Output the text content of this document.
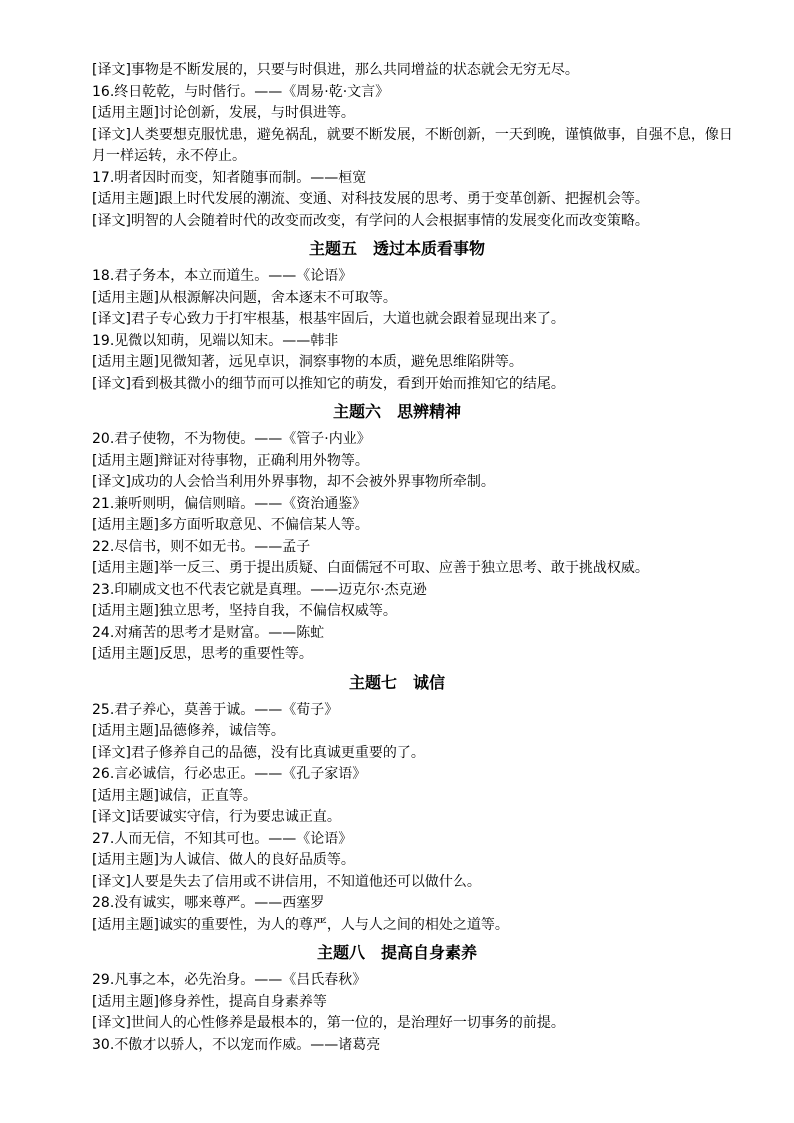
[译文]事物是不断发展的，只要与时俱进，那么共同增益的状态就会无穷无尽。

16.终日乾乾，与时偕行。——《周易·乾·文言》

[适用主题]讨论创新，发展，与时俱进等。

[译文]人类要想克服忧患，避免祸乱，就要不断发展，不断创新，一天到晚，谨慎做事，自强不息，像日月一样运转，永不停止。

17.明者因时而变，知者随事而制。——桓宽

[适用主题]跟上时代发展的潮流、变通、对科技发展的思考、勇于变革创新、把握机会等。

[译文]明智的人会随着时代的改变而改变，有学问的人会根据事情的发展变化而改变策略。

主题五　透过本质看事物

18.君子务本，本立而道生。——《论语》

[适用主题]从根源解决问题，舍本逐末不可取等。

[译文]君子专心致力于打牢根基，根基牢固后，大道也就会跟着显现出来了。

19.见微以知萌，见端以知末。——韩非

[适用主题]见微知著，远见卓识，洞察事物的本质，避免思维陷阱等。

[译文]看到极其微小的细节而可以推知它的萌发，看到开始而推知它的结尾。

主题六　思辨精神

20.君子使物，不为物使。——《管子·内业》

[适用主题]辩证对待事物，正确利用外物等。

[译文]成功的人会恰当利用外界事物，却不会被外界事物所牵制。

21.兼听则明，偏信则暗。——《资治通鉴》

[适用主题]多方面听取意见、不偏信某人等。

22.尽信书，则不如无书。——孟子

[适用主题]举一反三、勇于提出质疑、白面儒冠不可取、应善于独立思考、敢于挑战权威。

23.印刷成文也不代表它就是真理。——迈克尔·杰克逊

[适用主题]独立思考，坚持自我，不偏信权威等。

24.对痛苦的思考才是财富。——陈虻

[适用主题]反思，思考的重要性等。

主题七　诚信

25.君子养心，莫善于诚。——《荀子》

[适用主题]品德修养，诚信等。

[译文]君子修养自己的品德，没有比真诚更重要的了。

26.言必诚信，行必忠正。——《孔子家语》

[适用主题]诚信，正直等。

[译文]话要诚实守信，行为要忠诚正直。

27.人而无信，不知其可也。——《论语》

[适用主题]为人诚信、做人的良好品质等。

[译文]人要是失去了信用或不讲信用，不知道他还可以做什么。

28.没有诚实，哪来尊严。——西塞罗

[适用主题]诚实的重要性，为人的尊严，人与人之间的相处之道等。

主题八　提高自身素养

29.凡事之本，必先治身。——《吕氏春秋》

[适用主题]修身养性，提高自身素养等

[译文]世间人的心性修养是最根本的，第一位的，是治理好一切事务的前提。

30.不傲才以骄人，不以宠而作威。——诸葛亮
